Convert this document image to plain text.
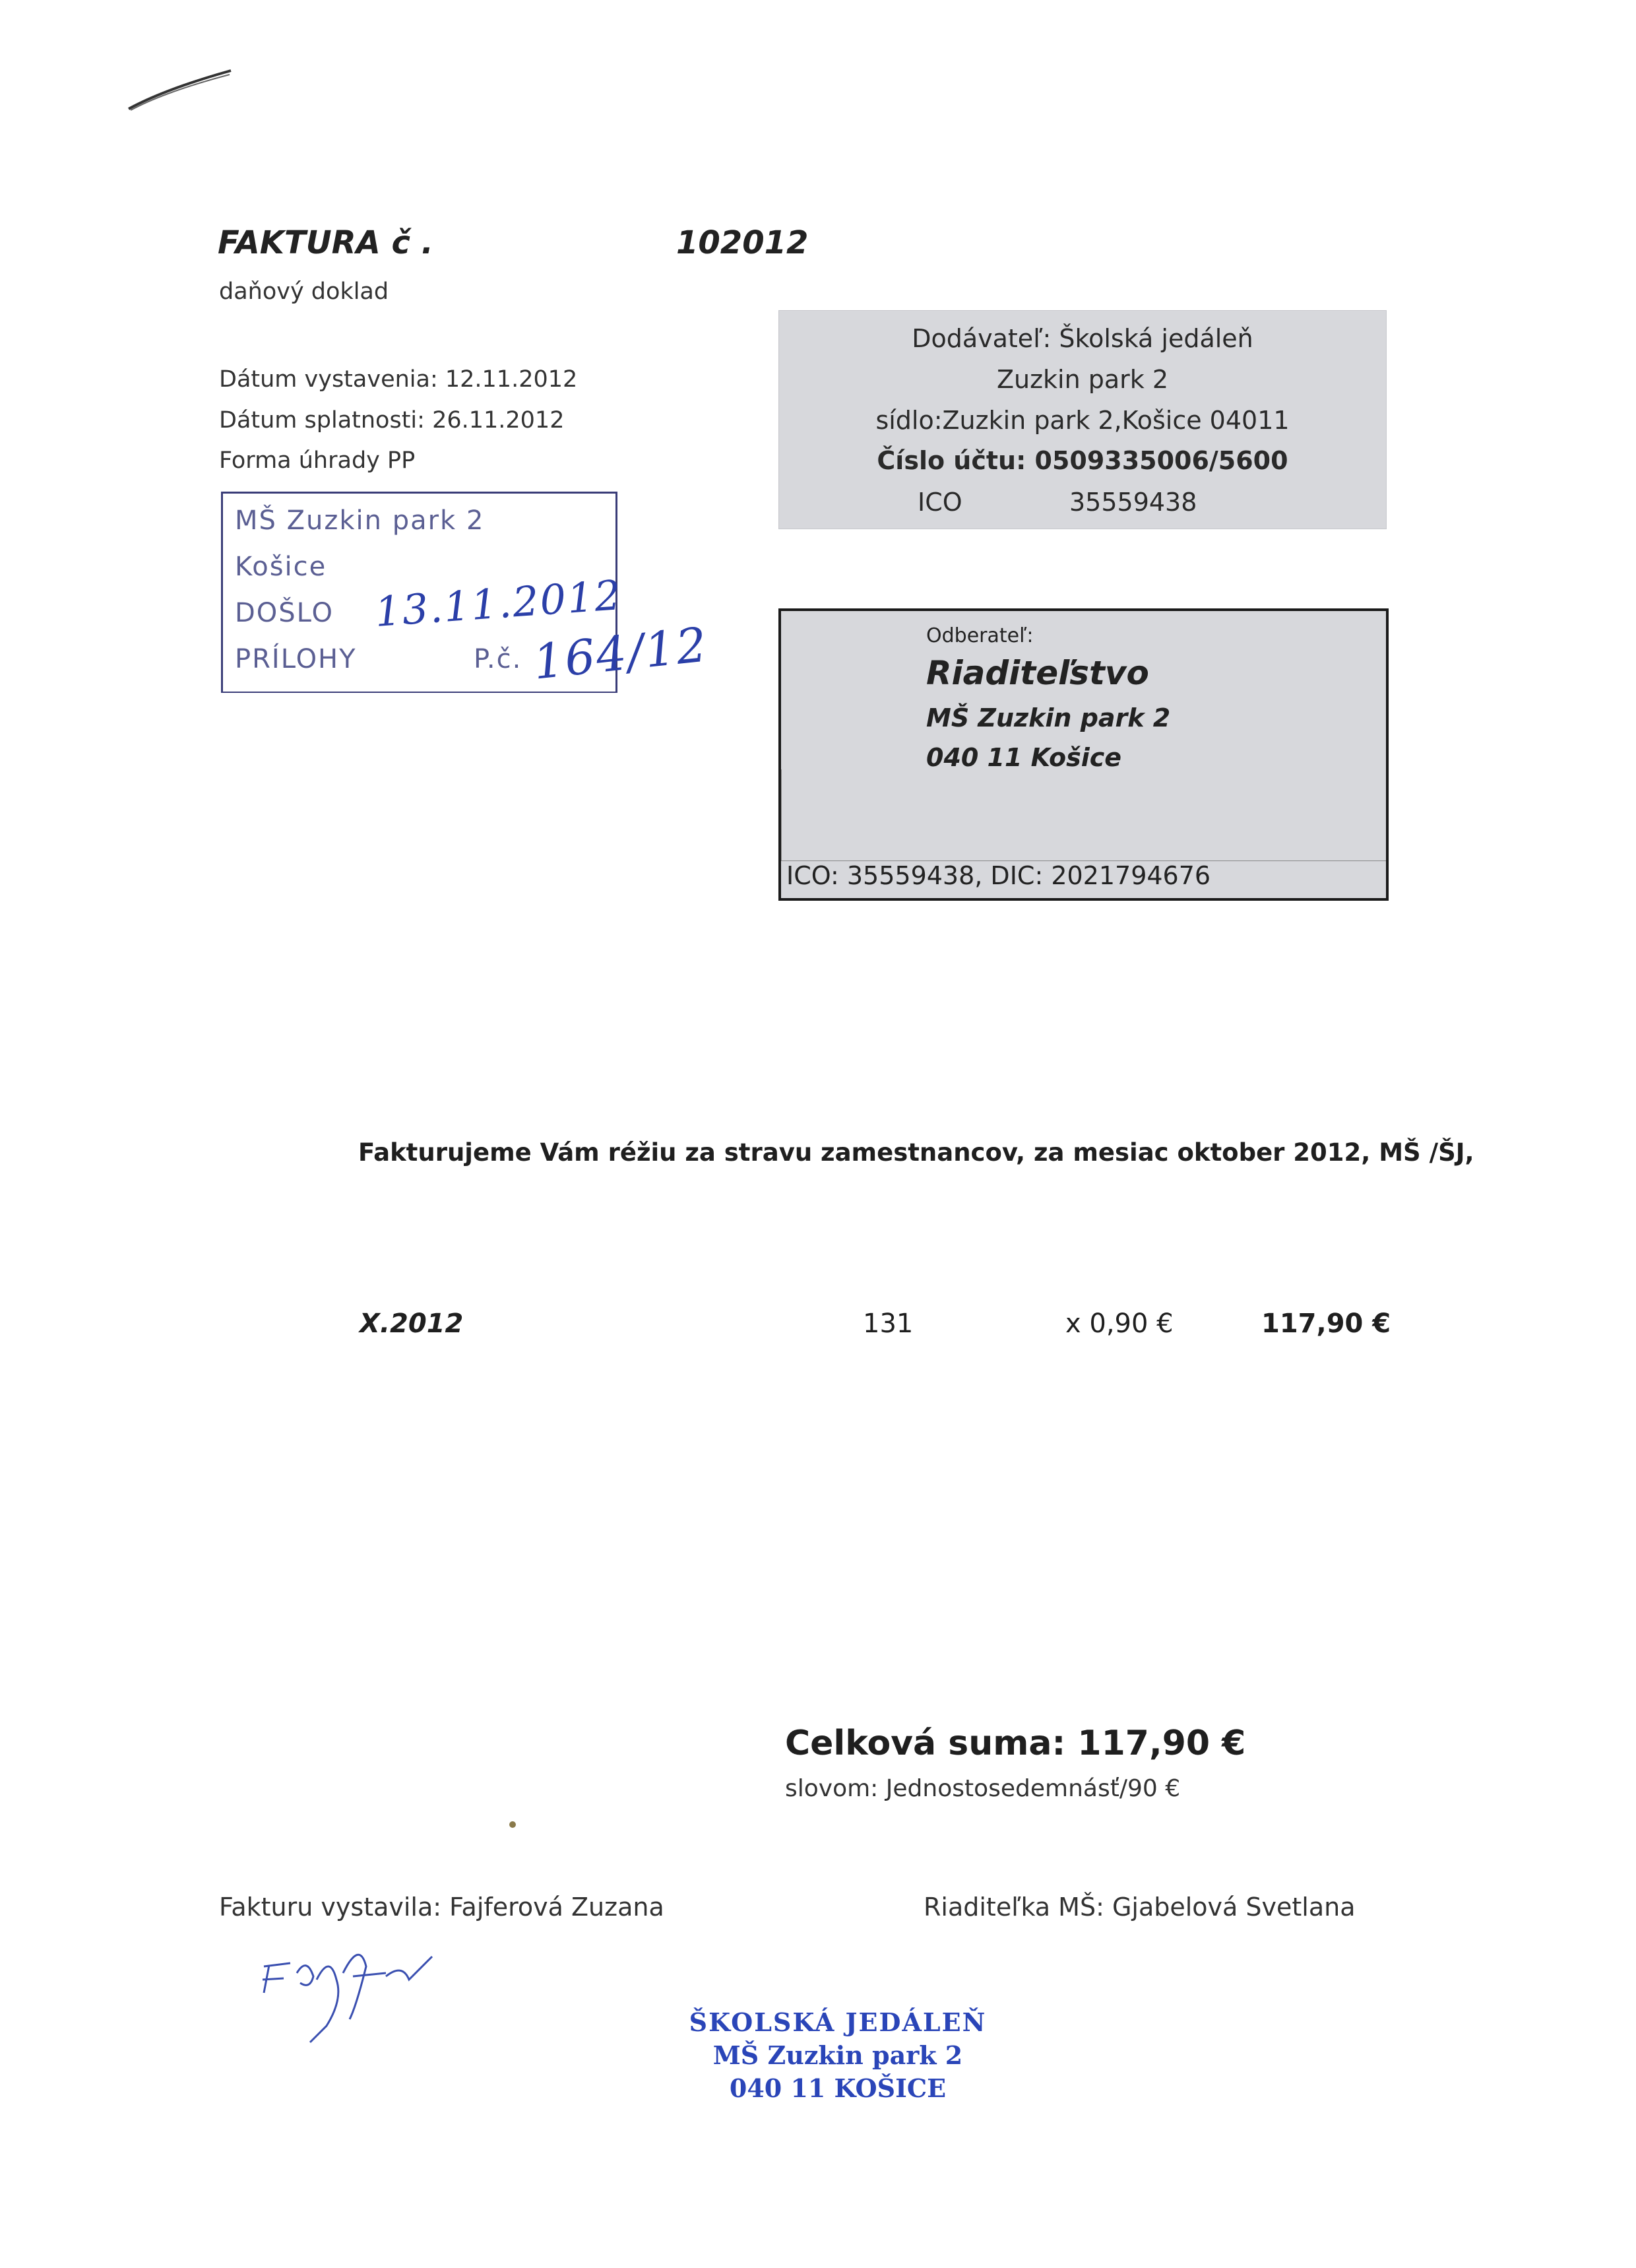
FAKTURA č .	102012
daňový doklad
Dátum vystavenia: 12.11.2012
Dátum splatnosti: 26.11.2012
Forma úhrady PP
MŠ Zuzkin park 2
Košice
DOŠLO
PRÍLOHY	P.č.
13.11.2012
164/12
Dodávateľ: Školská jedáleň
Zuzkin park 2
sídlo:Zuzkin park 2,Košice 04011
Číslo účtu: 0509335006/5600
ICO	35559438
Odberateľ:
Riaditeľstvo
MŠ Zuzkin park 2
040 11 Košice
ICO: 35559438, DIC: 2021794676
Fakturujeme Vám réžiu za stravu zamestnancov, za mesiac oktober 2012, MŠ /ŠJ,
X.2012	131	x 0,90 €	117,90 €
Celková suma: 117,90 €
slovom: Jednostosedemnásť/90 €
Fakturu vystavila: Fajferová Zuzana	Riaditeľka MŠ: Gjabelová Svetlana
ŠKOLSKÁ JEDÁLEŇ
MŠ Zuzkin park 2
040 11 KOŠICE
